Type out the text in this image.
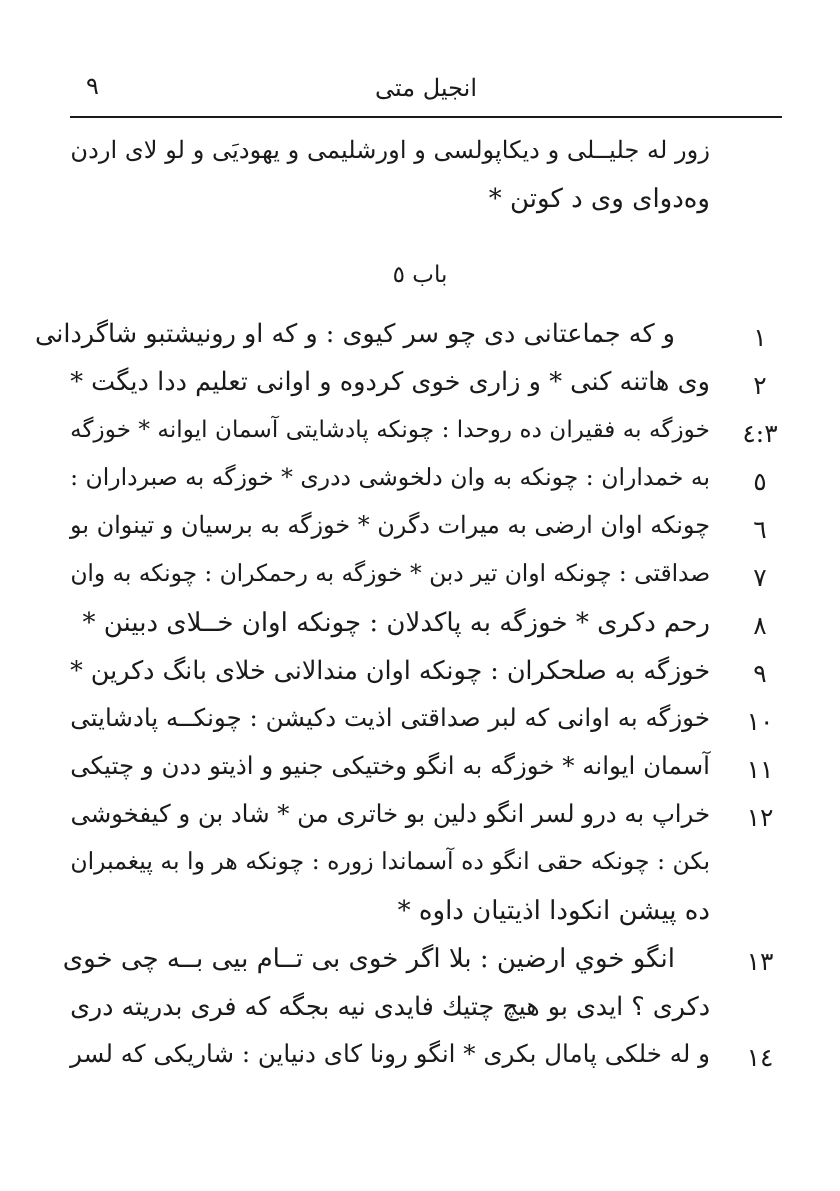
٩	انجیل متی
زور له جلیــلی و دیکاپولسی و اورشلیمی و یهودیَی و لو لای اردن
وەدوای وی د کوتن *
باب ٥
و که جماعتانی دی چو سر کیوی : و که او رونیشتبو شاگردانی
وی هاتنه کنی * و زاری خوی کردوه و اوانی تعلیم ددا دیگت *
خوزگه به فقیران ده روحدا : چونکه پادشایتی آسمان ایوانه * خوزگه
به خمداران : چونکه به وان دلخوشی ددری * خوزگه به صبرداران :
چونکه اوان ارضی به میرات دگرن * خوزگه به برسیان و تینوان بو
صداقتی : چونکه اوان تیر دبن * خوزگه به رحمکران : چونکه به وان
رحم دکری * خوزگه به پاکدلان : چونکه اوان خــلای دبینن *
خوزگه به صلحکران : چونکه اوان مندالانی خلای بانگ دکرین *
خوزگه به اوانی که لبر صداقتی اذیت دکیشن : چونکــه پادشایتی
آسمان ایوانه * خوزگه به انگو وختیکی جنیو و اذیتو ددن و چتیکی
خراپ به درو لسر انگو دلین بو خاتری من * شاد بن و کیفخوشی
بکن : چونکه حقی انگو ده آسماندا زوره : چونکه هر وا به پیغمبران
ده پیشن انکودا اذیتیان داوه *
انگو خوي ارضین : بلا اگر خوی بی تــام بیی بــه چی خوی
دکری ؟ ایدی بو هیچ چتیك فایدی نیه بجگه که فری بدریته دری
و له خلکی پامال بکری * انگو رونا کای دنیاین : شاریکی که لسر
١
٢
٤:٣
٥
٦
٧
٨
٩
١٠
١١
١٢
١٣
١٤
